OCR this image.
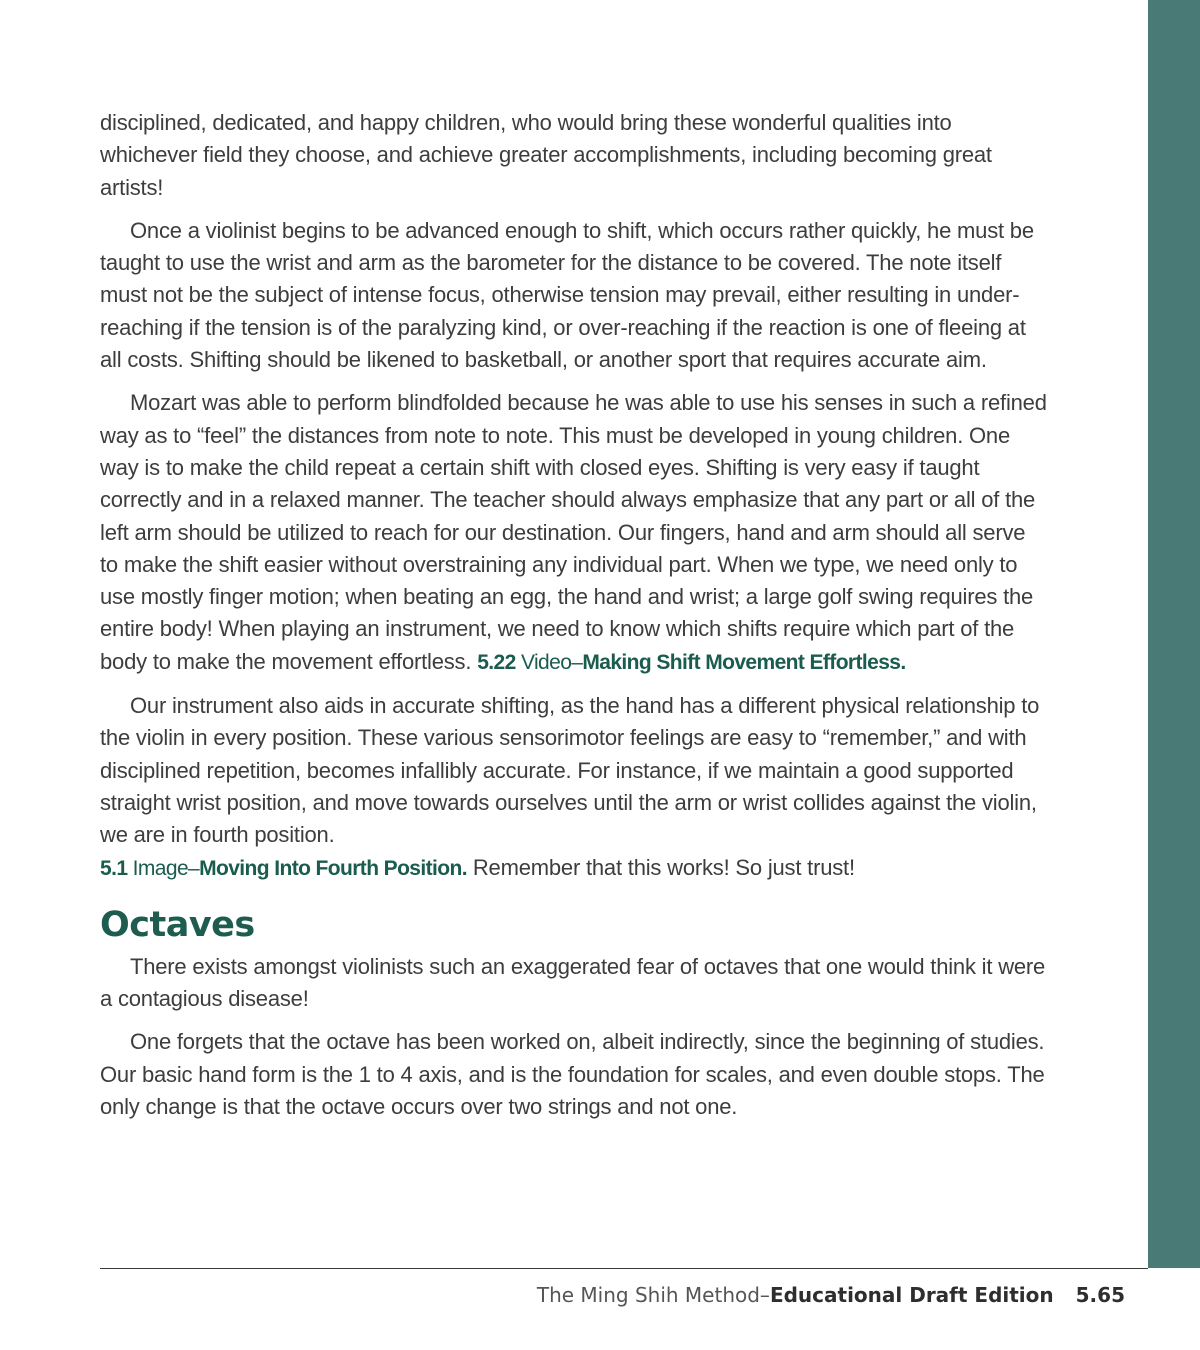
disciplined, dedicated, and happy children, who would bring these wonderful qualities into whichever field they choose, and achieve greater accomplishments, including becoming great artists!

Once a violinist begins to be advanced enough to shift, which occurs rather quickly, he must be taught to use the wrist and arm as the barometer for the distance to be covered. The note itself must not be the subject of intense focus, otherwise tension may prevail, either resulting in under-reaching if the tension is of the paralyzing kind, or over-reaching if the reaction is one of fleeing at all costs. Shifting should be likened to basketball, or another sport that requires accurate aim.

Mozart was able to perform blindfolded because he was able to use his senses in such a refined way as to “feel” the distances from note to note. This must be developed in young children. One way is to make the child repeat a certain shift with closed eyes. Shifting is very easy if taught correctly and in a relaxed manner. The teacher should always emphasize that any part or all of the left arm should be utilized to reach for our destination. Our fingers, hand and arm should all serve to make the shift easier without overstraining any individual part. When we type, we need only to use mostly finger motion; when beating an egg, the hand and wrist; a large golf swing requires the entire body! When playing an instrument, we need to know which shifts require which part of the body to make the movement effortless. 5.22 Video–Making Shift Movement Effortless.

Our instrument also aids in accurate shifting, as the hand has a different physical relationship to the violin in every position. These various sensorimotor feelings are easy to “remember,” and with disciplined repetition, becomes infallibly accurate. For instance, if we maintain a good supported straight wrist position, and move towards ourselves until the arm or wrist collides against the violin, we are in fourth position.

5.1 Image–Moving Into Fourth Position. Remember that this works! So just trust!

Octaves

There exists amongst violinists such an exaggerated fear of octaves that one would think it were a contagious disease!

One forgets that the octave has been worked on, albeit indirectly, since the beginning of studies. Our basic hand form is the 1 to 4 axis, and is the foundation for scales, and even double stops. The only change is that the octave occurs over two strings and not one.

The Ming Shih Method–Educational Draft Edition 5.65
